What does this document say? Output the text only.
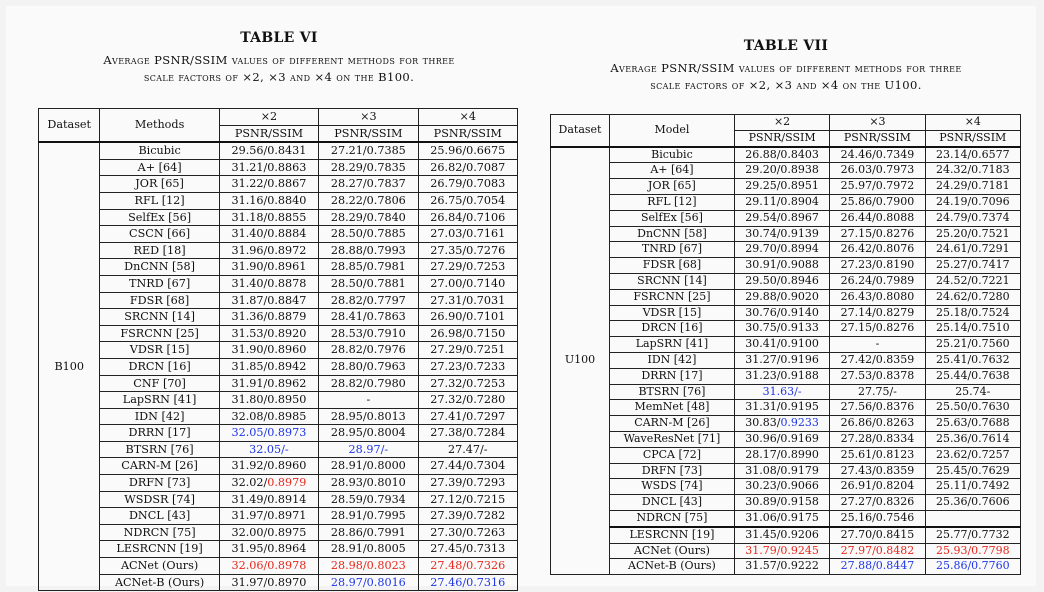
TABLE VI
Average PSNR/SSIM values of different methods for three
scale factors of ×2, ×3 and ×4 on the B100.
Dataset	Methods	×2	×3	×4
		PSNR/SSIM	PSNR/SSIM	PSNR/SSIM
B100	Bicubic	29.56/0.8431	27.21/0.7385	25.96/0.6675
	A+ [64]	31.21/0.8863	28.29/0.7835	26.82/0.7087
	JOR [65]	31.22/0.8867	28.27/0.7837	26.79/0.7083
	RFL [12]	31.16/0.8840	28.22/0.7806	26.75/0.7054
	SelfEx [56]	31.18/0.8855	28.29/0.7840	26.84/0.7106
	CSCN [66]	31.40/0.8884	28.50/0.7885	27.03/0.7161
	RED [18]	31.96/0.8972	28.88/0.7993	27.35/0.7276
	DnCNN [58]	31.90/0.8961	28.85/0.7981	27.29/0.7253
	TNRD [67]	31.40/0.8878	28.50/0.7881	27.00/0.7140
	FDSR [68]	31.87/0.8847	28.82/0.7797	27.31/0.7031
	SRCNN [14]	31.36/0.8879	28.41/0.7863	26.90/0.7101
	FSRCNN [25]	31.53/0.8920	28.53/0.7910	26.98/0.7150
	VDSR [15]	31.90/0.8960	28.82/0.7976	27.29/0.7251
	DRCN [16]	31.85/0.8942	28.80/0.7963	27.23/0.7233
	CNF [70]	31.91/0.8962	28.82/0.7980	27.32/0.7253
	LapSRN [41]	31.80/0.8950	-	27.32/0.7280
	IDN [42]	32.08/0.8985	28.95/0.8013	27.41/0.7297
	DRRN [17]	32.05/0.8973	28.95/0.8004	27.38/0.7284
	BTSRN [76]	32.05/-	28.97/-	27.47/-
	CARN-M [26]	31.92/0.8960	28.91/0.8000	27.44/0.7304
	DRFN [73]	32.02/0.8979	28.93/0.8010	27.39/0.7293
	WSDSR [74]	31.49/0.8914	28.59/0.7934	27.12/0.7215
	DNCL [43]	31.97/0.8971	28.91/0.7995	27.39/0.7282
	NDRCN [75]	32.00/0.8975	28.86/0.7991	27.30/0.7263
	LESRCNN [19]	31.95/0.8964	28.91/0.8005	27.45/0.7313
	ACNet (Ours)	32.06/0.8978	28.98/0.8023	27.48/0.7326
	ACNet-B (Ours)	31.97/0.8970	28.97/0.8016	27.46/0.7316
TABLE VII
Average PSNR/SSIM values of different methods for three
scale factors of ×2, ×3 and ×4 on the U100.
Dataset	Model	×2	×3	×4
		PSNR/SSIM	PSNR/SSIM	PSNR/SSIM
U100	Bicubic	26.88/0.8403	24.46/0.7349	23.14/0.6577
	A+ [64]	29.20/0.8938	26.03/0.7973	24.32/0.7183
	JOR [65]	29.25/0.8951	25.97/0.7972	24.29/0.7181
	RFL [12]	29.11/0.8904	25.86/0.7900	24.19/0.7096
	SelfEx [56]	29.54/0.8967	26.44/0.8088	24.79/0.7374
	DnCNN [58]	30.74/0.9139	27.15/0.8276	25.20/0.7521
	TNRD [67]	29.70/0.8994	26.42/0.8076	24.61/0.7291
	FDSR [68]	30.91/0.9088	27.23/0.8190	25.27/0.7417
	SRCNN [14]	29.50/0.8946	26.24/0.7989	24.52/0.7221
	FSRCNN [25]	29.88/0.9020	26.43/0.8080	24.62/0.7280
	VDSR [15]	30.76/0.9140	27.14/0.8279	25.18/0.7524
	DRCN [16]	30.75/0.9133	27.15/0.8276	25.14/0.7510
	LapSRN [41]	30.41/0.9100	-	25.21/0.7560
	IDN [42]	31.27/0.9196	27.42/0.8359	25.41/0.7632
	DRRN [17]	31.23/0.9188	27.53/0.8378	25.44/0.7638
	BTSRN [76]	31.63/-	27.75/-	25.74-
	MemNet [48]	31.31/0.9195	27.56/0.8376	25.50/0.7630
	CARN-M [26]	30.83/0.9233	26.86/0.8263	25.63/0.7688
	WaveResNet [71]	30.96/0.9169	27.28/0.8334	25.36/0.7614
	CPCA [72]	28.17/0.8990	25.61/0.8123	23.62/0.7257
	DRFN [73]	31.08/0.9179	27.43/0.8359	25.45/0.7629
	WSDS [74]	30.23/0.9066	26.91/0.8204	25.11/0.7492
	DNCL [43]	30.89/0.9158	27.27/0.8326	25.36/0.7606
	NDRCN [75]	31.06/0.9175	25.16/0.7546	
	LESRCNN [19]	31.45/0.9206	27.70/0.8415	25.77/0.7732
	ACNet (Ours)	31.79/0.9245	27.97/0.8482	25.93/0.7798
	ACNet-B (Ours)	31.57/0.9222	27.88/0.8447	25.86/0.7760
